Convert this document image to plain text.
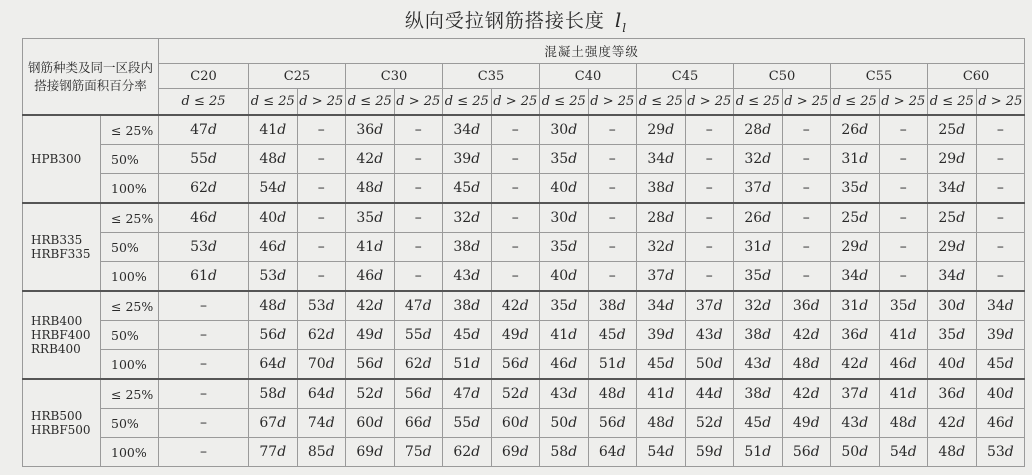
纵向受拉钢筋搭接长度 $l_l$
钢筋种类及同一区段内
搭接钢筋面积百分率		混凝土强度等级																
		C20	C25		C30		C35		C40		C45		C50		C55		C60	
		d ≤ 25	d ≤ 25	d > 25	d ≤ 25	d > 25	d ≤ 25	d > 25	d ≤ 25	d > 25	d ≤ 25	d > 25	d ≤ 25	d > 25	d ≤ 25	d > 25	d ≤ 25	d > 25

HPB300	≤ 25%	47d	41d	–	36d	–	34d	–	30d	–	29d	–	28d	–	26d	–	25d	–
	50%	55d	48d	–	42d	–	39d	–	35d	–	34d	–	32d	–	31d	–	29d	–
	100%	62d	54d	–	48d	–	45d	–	40d	–	38d	–	37d	–	35d	–	34d	–

HRB335
HRBF335	≤ 25%	46d	40d	–	35d	–	32d	–	30d	–	28d	–	26d	–	25d	–	25d	–
	50%	53d	46d	–	41d	–	38d	–	35d	–	32d	–	31d	–	29d	–	29d	–
	100%	61d	53d	–	46d	–	43d	–	40d	–	37d	–	35d	–	34d	–	34d	–

HRB400
HRBF400
RRB400	≤ 25%	–	48d	53d	42d	47d	38d	42d	35d	38d	34d	37d	32d	36d	31d	35d	30d	34d
	50%	–	56d	62d	49d	55d	45d	49d	41d	45d	39d	43d	38d	42d	36d	41d	35d	39d
	100%	–	64d	70d	56d	62d	51d	56d	46d	51d	45d	50d	43d	48d	42d	46d	40d	45d

HRB500
HRBF500	≤ 25%	–	58d	64d	52d	56d	47d	52d	43d	48d	41d	44d	38d	42d	37d	41d	36d	40d
	50%	–	67d	74d	60d	66d	55d	60d	50d	56d	48d	52d	45d	49d	43d	48d	42d	46d
	100%	–	77d	85d	69d	75d	62d	69d	58d	64d	54d	59d	51d	56d	50d	54d	48d	53d
